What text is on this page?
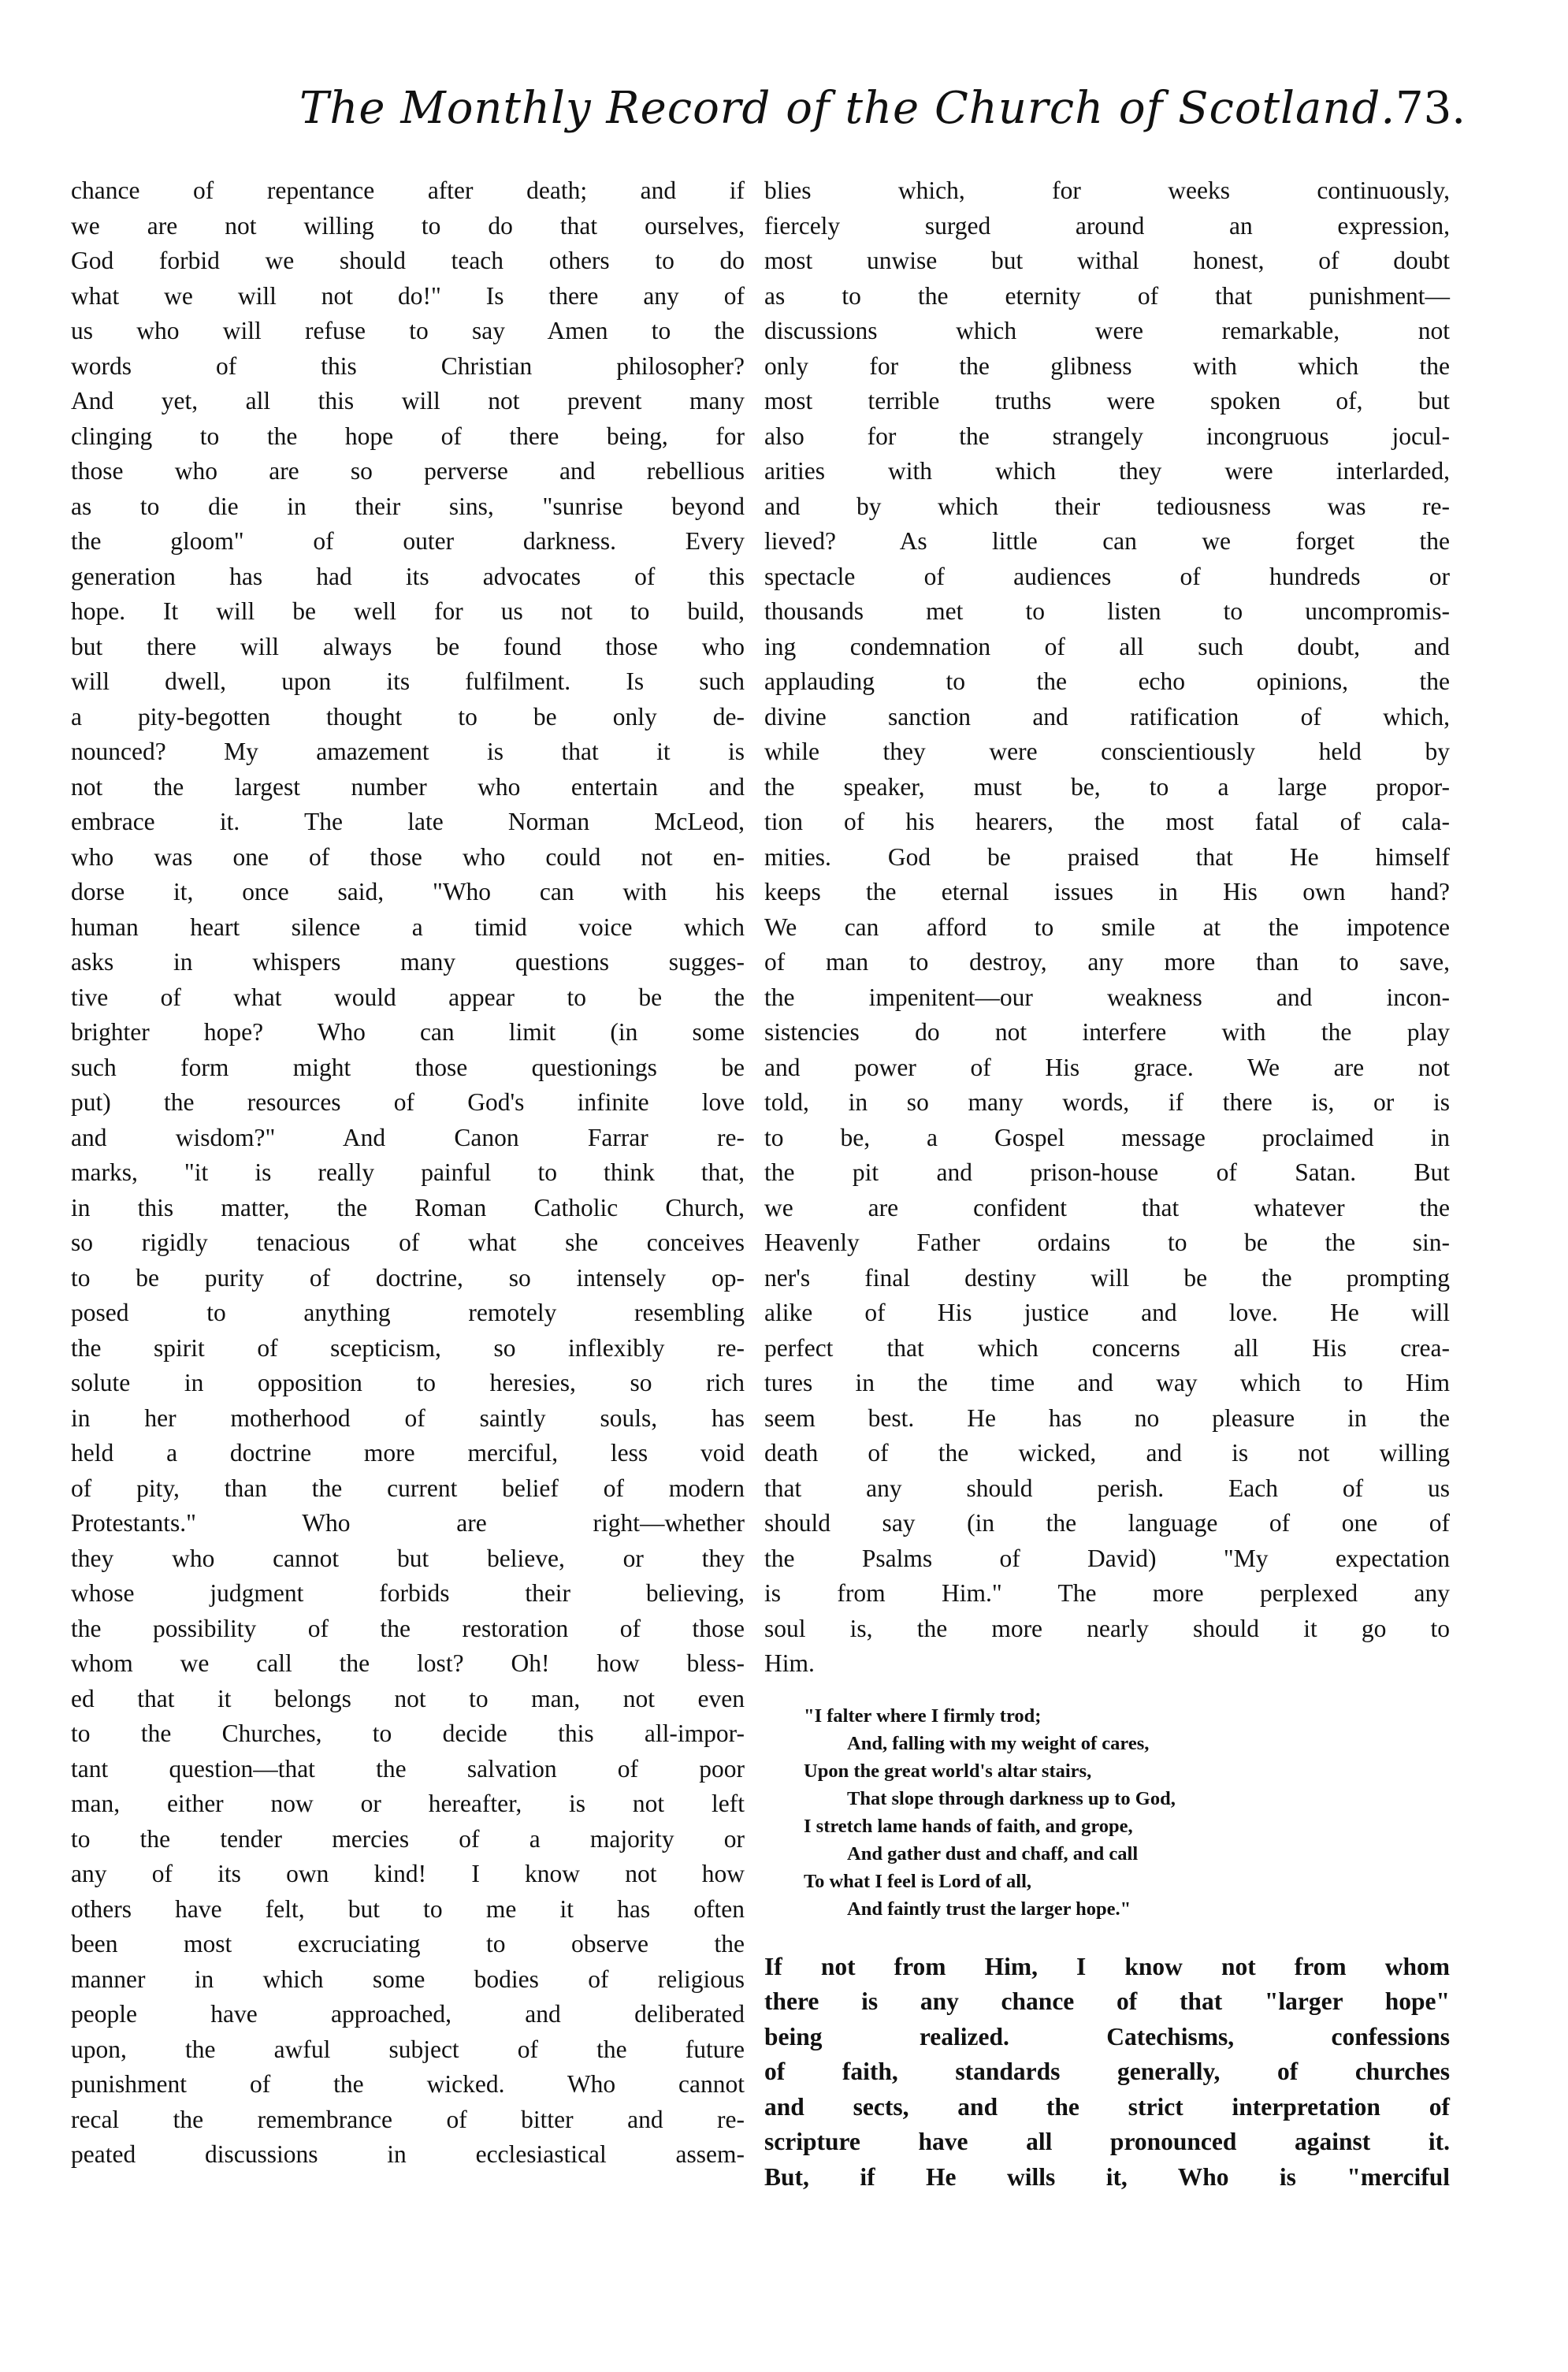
The Monthly Record of the Church of Scotland. 73.
chance of repentance after death; and if
we are not willing to do that ourselves,
God forbid we should teach others to do
what we will not do!" Is there any of
us who will refuse to say Amen to the
words of this Christian philosopher?
And yet, all this will not prevent many
clinging to the hope of there being, for
those who are so perverse and rebellious
as to die in their sins, "sunrise beyond
the gloom" of outer darkness. Every
generation has had its advocates of this
hope. It will be well for us not to build,
but there will always be found those who
will dwell, upon its fulfilment. Is such
a pity-begotten thought to be only de-
nounced? My amazement is that it is
not the largest number who entertain and
embrace it. The late Norman McLeod,
who was one of those who could not en-
dorse it, once said, "Who can with his
human heart silence a timid voice which
asks in whispers many questions sugges-
tive of what would appear to be the
brighter hope? Who can limit (in some
such form might those questionings be
put) the resources of God's infinite love
and wisdom?" And Canon Farrar re-
marks, "it is really painful to think that,
in this matter, the Roman Catholic Church,
so rigidly tenacious of what she conceives
to be purity of doctrine, so intensely op-
posed to anything remotely resembling
the spirit of scepticism, so inflexibly re-
solute in opposition to heresies, so rich
in her motherhood of saintly souls, has
held a doctrine more merciful, less void
of pity, than the current belief of modern
Protestants." Who are right—whether
they who cannot but believe, or they
whose judgment forbids their believing,
the possibility of the restoration of those
whom we call the lost? Oh! how bless-
ed that it belongs not to man, not even
to the Churches, to decide this all-impor-
tant question—that the salvation of poor
man, either now or hereafter, is not left
to the tender mercies of a majority or
any of its own kind! I know not how
others have felt, but to me it has often
been most excruciating to observe the
manner in which some bodies of religious
people have approached, and deliberated
upon, the awful subject of the future
punishment of the wicked. Who cannot
recal the remembrance of bitter and re-
peated discussions in ecclesiastical assem-
blies which, for weeks continuously,
fiercely surged around an expression,
most unwise but withal honest, of doubt
as to the eternity of that punishment—
discussions which were remarkable, not
only for the glibness with which the
most terrible truths were spoken of, but
also for the strangely incongruous jocul-
arities with which they were interlarded,
and by which their tediousness was re-
lieved? As little can we forget the
spectacle of audiences of hundreds or
thousands met to listen to uncompromis-
ing condemnation of all such doubt, and
applauding to the echo opinions, the
divine sanction and ratification of which,
while they were conscientiously held by
the speaker, must be, to a large propor-
tion of his hearers, the most fatal of cala-
mities. God be praised that He himself
keeps the eternal issues in His own hand?
We can afford to smile at the impotence
of man to destroy, any more than to save,
the impenitent—our weakness and incon-
sistencies do not interfere with the play
and power of His grace. We are not
told, in so many words, if there is, or is
to be, a Gospel message proclaimed in
the pit and prison-house of Satan. But
we are confident that whatever the
Heavenly Father ordains to be the sin-
ner's final destiny will be the prompting
alike of His justice and love. He will
perfect that which concerns all His crea-
tures in the time and way which to Him
seem best. He has no pleasure in the
death of the wicked, and is not willing
that any should perish. Each of us
should say (in the language of one of
the Psalms of David) "My expectation
is from Him." The more perplexed any
soul is, the more nearly should it go to
Him.
"I falter where I firmly trod;
And, falling with my weight of cares,
Upon the great world's altar stairs,
That slope through darkness up to God,
I stretch lame hands of faith, and grope,
And gather dust and chaff, and call
To what I feel is Lord of all,
And faintly trust the larger hope."
If not from Him, I know not from whom
there is any chance of that "larger hope"
being realized. Catechisms, confessions
of faith, standards generally, of churches
and sects, and the strict interpretation of
scripture have all pronounced against it.
But, if He wills it, Who is "merciful
